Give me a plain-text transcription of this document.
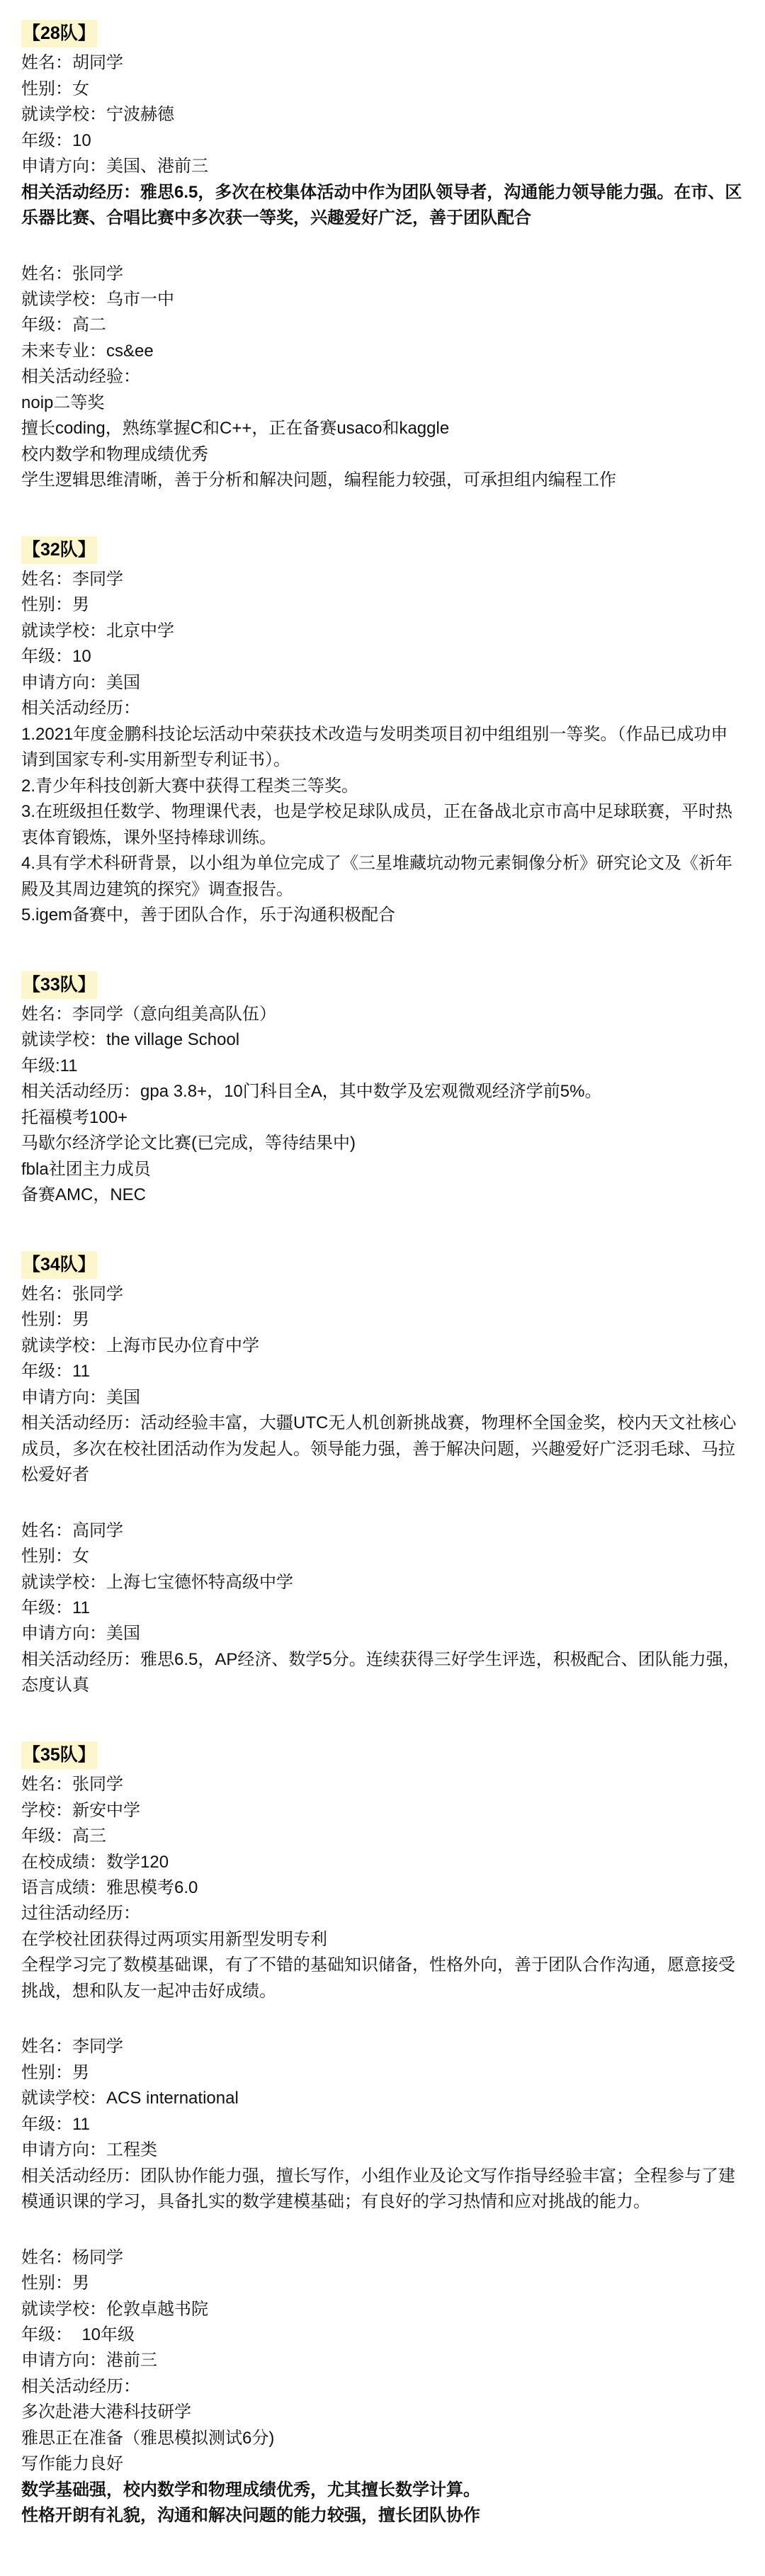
【28队】
姓名：胡同学
性别：女
就读学校：宁波赫德
年级：10
申请方向：美国、港前三
相关活动经历：雅思6.5，多次在校集体活动中作为团队领导者，沟通能力领导能力强。在市、区乐器比赛、合唱比赛中多次获一等奖，兴趣爱好广泛，善于团队配合
姓名：张同学
就读学校：乌市一中
年级：高二
未来专业：cs&ee
相关活动经验：
noip二等奖
擅长coding，熟练掌握C和C++，正在备赛usaco和kaggle
校内数学和物理成绩优秀
学生逻辑思维清晰，善于分析和解决问题，编程能力较强，可承担组内编程工作
【32队】
姓名：李同学
性别：男
就读学校：北京中学
年级：10
申请方向：美国
相关活动经历：
1.2021年度金鹏科技论坛活动中荣获技术改造与发明类项目初中组组别一等奖。（作品已成功申请到国家专利-实用新型专利证书）。
2.青少年科技创新大赛中获得工程类三等奖。
3.在班级担任数学、物理课代表，也是学校足球队成员，正在备战北京市高中足球联赛，平时热衷体育锻炼，课外坚持棒球训练。
4.具有学术科研背景，以小组为单位完成了《三星堆藏坑动物元素铜像分析》研究论文及《祈年殿及其周边建筑的探究》调查报告。
5.igem备赛中，善于团队合作，乐于沟通积极配合
【33队】
姓名：李同学（意向组美高队伍）
就读学校：the village School
年级:11
相关活动经历：gpa 3.8+，10门科目全A，其中数学及宏观微观经济学前5%。
托福模考100+
马歇尔经济学论文比赛(已完成，等待结果中)
fbla社团主力成员
备赛AMC，NEC
【34队】
姓名：张同学
性别：男
就读学校：上海市民办位育中学
年级：11
申请方向：美国
相关活动经历：活动经验丰富，大疆UTC无人机创新挑战赛，物理杯全国金奖，校内天文社核心成员，多次在校社团活动作为发起人。领导能力强，善于解决问题，兴趣爱好广泛羽毛球、马拉松爱好者
姓名：高同学
性别：女
就读学校：上海七宝德怀特高级中学
年级：11
申请方向：美国
相关活动经历：雅思6.5，AP经济、数学5分。连续获得三好学生评选，积极配合、团队能力强，态度认真
【35队】
姓名：张同学
学校：新安中学
年级：高三
在校成绩：数学120
语言成绩：雅思模考6.0
过往活动经历：
在学校社团获得过两项实用新型发明专利
全程学习完了数模基础课，有了不错的基础知识储备，性格外向，善于团队合作沟通，愿意接受挑战，想和队友一起冲击好成绩。
姓名：李同学
性别：男
就读学校：ACS international
年级：11
申请方向：工程类
相关活动经历：团队协作能力强，擅长写作，小组作业及论文写作指导经验丰富；全程参与了建模通识课的学习，具备扎实的数学建模基础；有良好的学习热情和应对挑战的能力。
姓名：杨同学
性别：男
就读学校：伦敦卓越书院
年级：  10年级
申请方向：港前三
相关活动经历：
多次赴港大港科技研学
雅思正在准备（雅思模拟测试6分)
写作能力良好
数学基础强，校内数学和物理成绩优秀，尤其擅长数学计算。
性格开朗有礼貌，沟通和解决问题的能力较强，擅长团队协作
